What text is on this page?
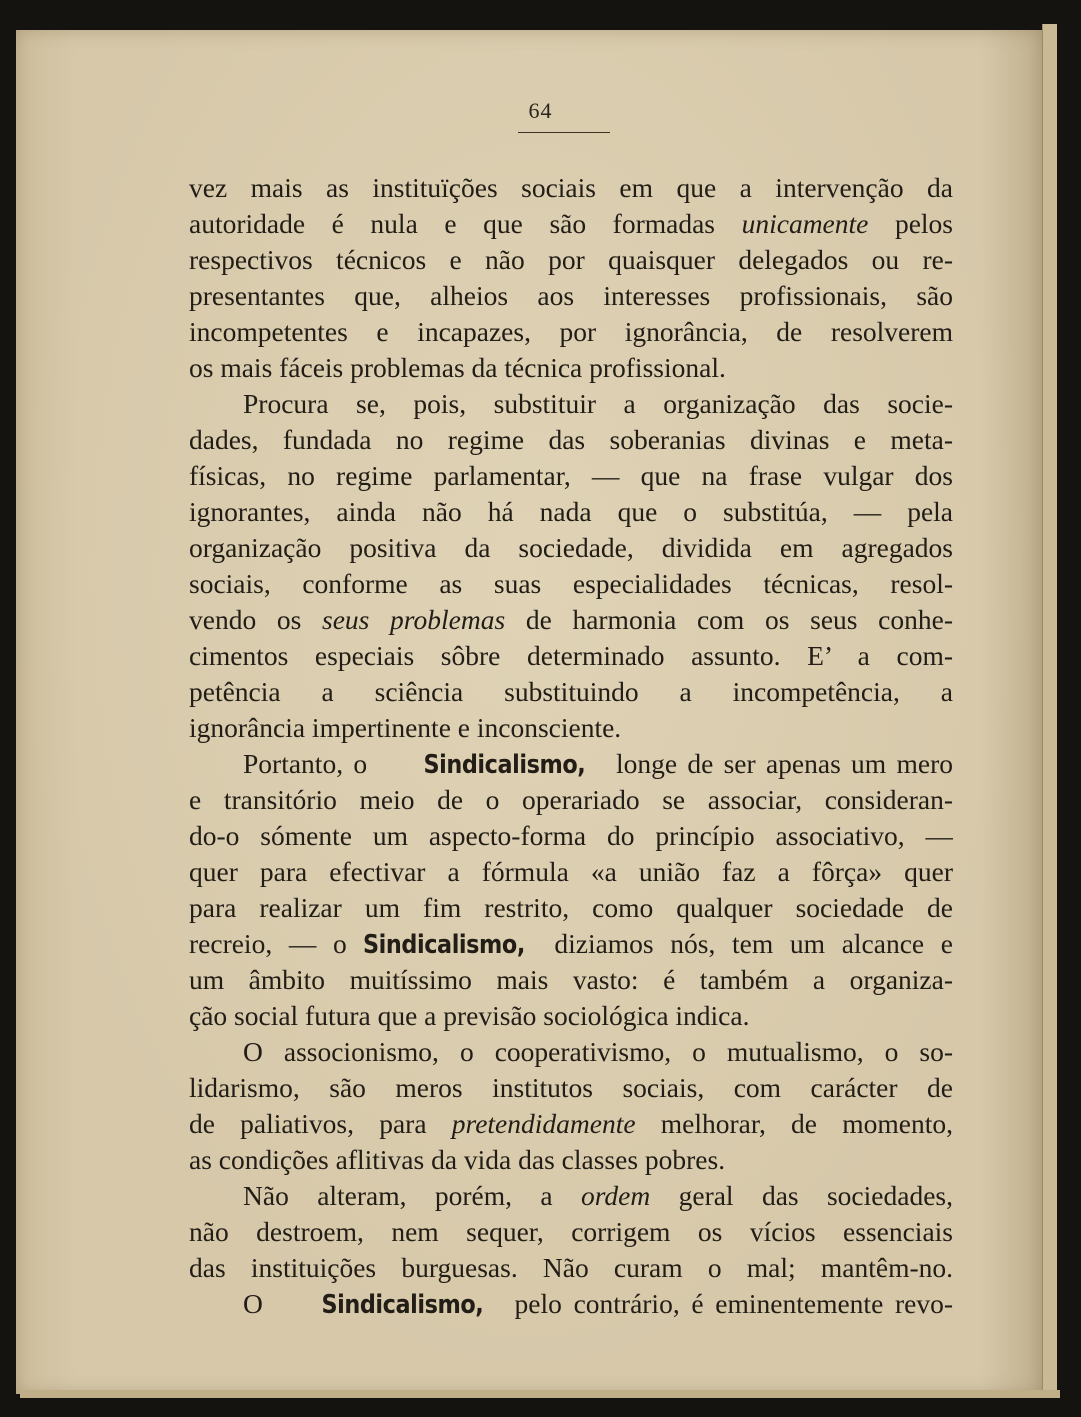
64
vez mais as instituïções sociais em que a intervenção da
autoridade é nula e que são formadas unicamente pelos
respectivos técnicos e não por quaisquer delegados ou re-
presentantes que, alheios aos interesses profissionais, são
incompetentes e incapazes, por ignorância, de resolverem
os mais fáceis problemas da técnica profissional.
Procura se, pois, substituir a organização das socie-
dades, fundada no regime das soberanias divinas e meta-
físicas, no regime parlamentar, — que na frase vulgar dos
ignorantes, ainda não há nada que o substitúa, — pela
organização positiva da sociedade, dividida em agregados
sociais, conforme as suas especialidades técnicas, resol-
vendo os seus problemas de harmonia com os seus conhe-
cimentos especiais sôbre determinado assunto. E’ a com-
petência a sciência substituindo a incompetência, a
ignorância impertinente e inconsciente.
Portanto, o Sindicalismo, longe de ser apenas um mero
e transitório meio de o operariado se associar, consideran-
do-o sómente um aspecto-forma do princípio associativo, —
quer para efectivar a fórmula «a união faz a fôrça» quer
para realizar um fim restrito, como qualquer sociedade de
recreio, — o Sindicalismo, diziamos nós, tem um alcance e
um âmbito muitíssimo mais vasto: é também a organiza-
ção social futura que a previsão sociológica indica.
O associonismo, o cooperativismo, o mutualismo, o so-
lidarismo, são meros institutos sociais, com carácter de
de paliativos, para pretendidamente melhorar, de momento,
as condições aflitivas da vida das classes pobres.
Não alteram, porém, a ordem geral das sociedades,
não destroem, nem sequer, corrigem os vícios essenciais
das instituições burguesas. Não curam o mal; mantêm-no.
O Sindicalismo, pelo contrário, é eminentemente revo-
